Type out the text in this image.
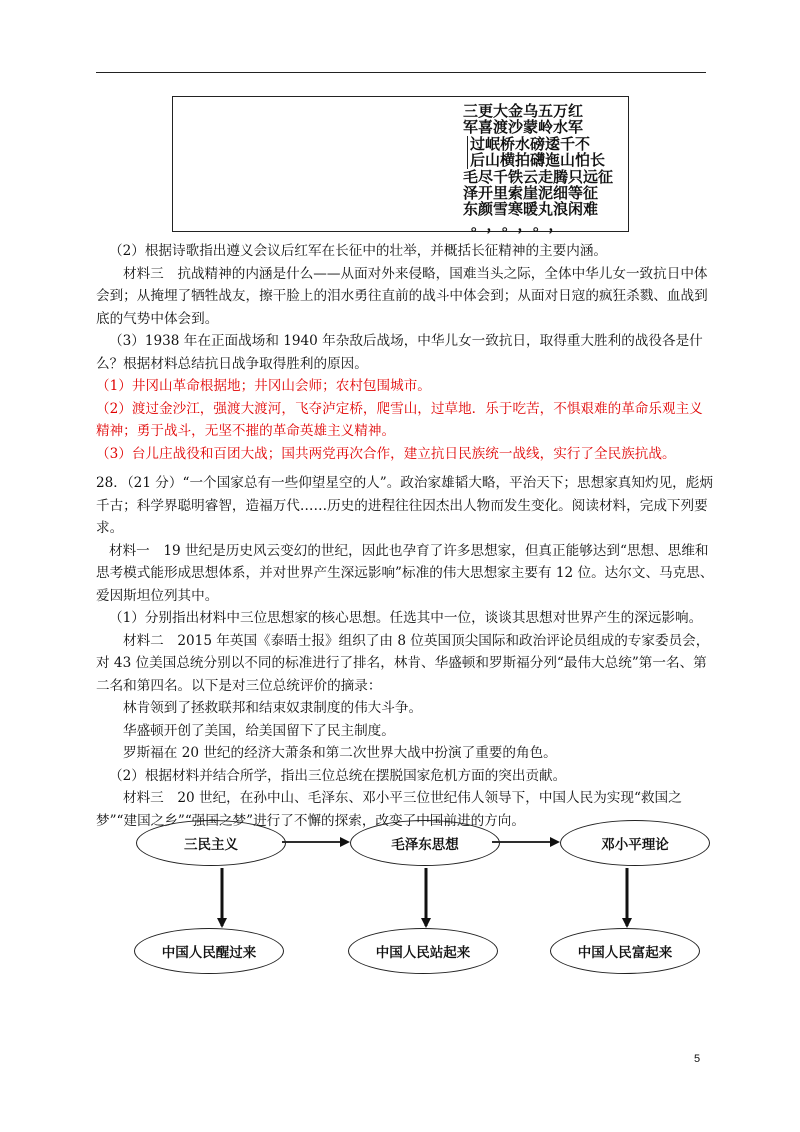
三更大金乌五万红
军喜渡沙蒙岭水军
过岷桥水磅逶千不
后山横拍礴迤山怕长
毛尽千铁云走腾只远征
泽开里索崖泥细等征
东颜雪寒暖丸浪闲难
。，。，。，

（2）根据诗歌指出遵义会议后红军在长征中的壮举，并概括长征精神的主要内涵。

材料三　抗战精神的内涵是什么——从面对外来侵略，国难当头之际，全体中华儿女一致抗日中体会到；从掩埋了牺牲战友，擦干脸上的泪水勇往直前的战斗中体会到；从面对日寇的疯狂杀戮、血战到底的气势中体会到。

（3）1938 年在正面战场和 1940 年杂敌后战场，中华儿女一致抗日，取得重大胜利的战役各是什么？根据材料总结抗日战争取得胜利的原因。

（1）井冈山革命根据地；井冈山会师；农村包围城市。

（2）渡过金沙江，强渡大渡河，飞夺泸定桥，爬雪山，过草地．乐于吃苦，不惧艰难的革命乐观主义精神；勇于战斗，无坚不摧的革命英雄主义精神。

（3）台儿庄战役和百团大战；国共两党再次合作，建立抗日民族统一战线，实行了全民族抗战。

28．（21 分）“一个国家总有一些仰望星空的人”。政治家雄韬大略，平治天下；思想家真知灼见，彪炳千古；科学界聪明睿智，造福万代……历史的进程往往因杰出人物而发生变化。阅读材料，完成下列要求。

材料一　19 世纪是历史风云变幻的世纪，因此也孕育了许多思想家，但真正能够达到“思想、思维和思考模式能形成思想体系，并对世界产生深远影响”标准的伟大思想家主要有 12 位。达尔文、马克思、爱因斯坦位列其中。

（1）分别指出材料中三位思想家的核心思想。任选其中一位，谈谈其思想对世界产生的深远影响。

材料二　2015 年英国《泰晤士报》组织了由 8 位英国顶尖国际和政治评论员组成的专家委员会，对 43 位美国总统分别以不同的标准进行了排名，林肯、华盛顿和罗斯福分列“最伟大总统”第一名、第二名和第四名。以下是对三位总统评价的摘录：

林肯领到了拯救联邦和结束奴隶制度的伟大斗争。

华盛顿开创了美国，给美国留下了民主制度。

罗斯福在 20 世纪的经济大萧条和第二次世界大战中扮演了重要的角色。

（2）根据材料并结合所学，指出三位总统在摆脱国家危机方面的突出贡献。

材料三　20 世纪，在孙中山、毛泽东、邓小平三位世纪伟人领导下，中国人民为实现“救国之梦”“建国之乡”“强国之梦”进行了不懈的探索，改变了中国前进的方向。

三民主义	毛泽东思想	邓小平理论
中国人民醒过来	中国人民站起来	中国人民富起来
5
